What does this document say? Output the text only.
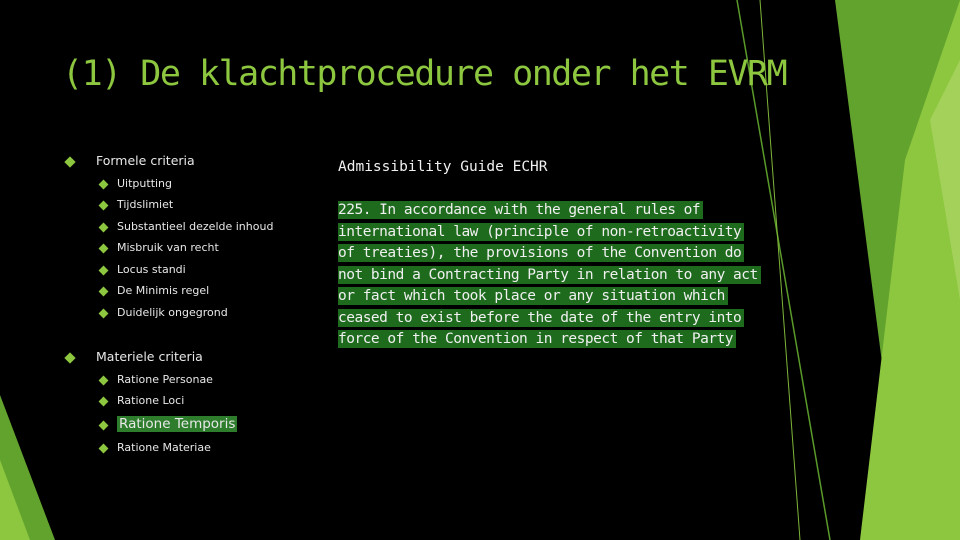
(1) De klachtprocedure onder het EVRM
Formele criteria
Uitputting
Tijdslimiet
Substantieel dezelde inhoud
Misbruik van recht
Locus standi
De Minimis regel
Duidelijk ongegrond
Materiele criteria
Ratione Personae
Ratione Loci
Ratione Temporis
Ratione Materiae
Admissibility Guide ECHR
225. In accordance with the general rules of international law (principle of non-retroactivity of treaties), the provisions of the Convention do not bind a Contracting Party in relation to any act or fact which took place or any situation which ceased to exist before the date of the entry into force of the Convention in respect of that Party
